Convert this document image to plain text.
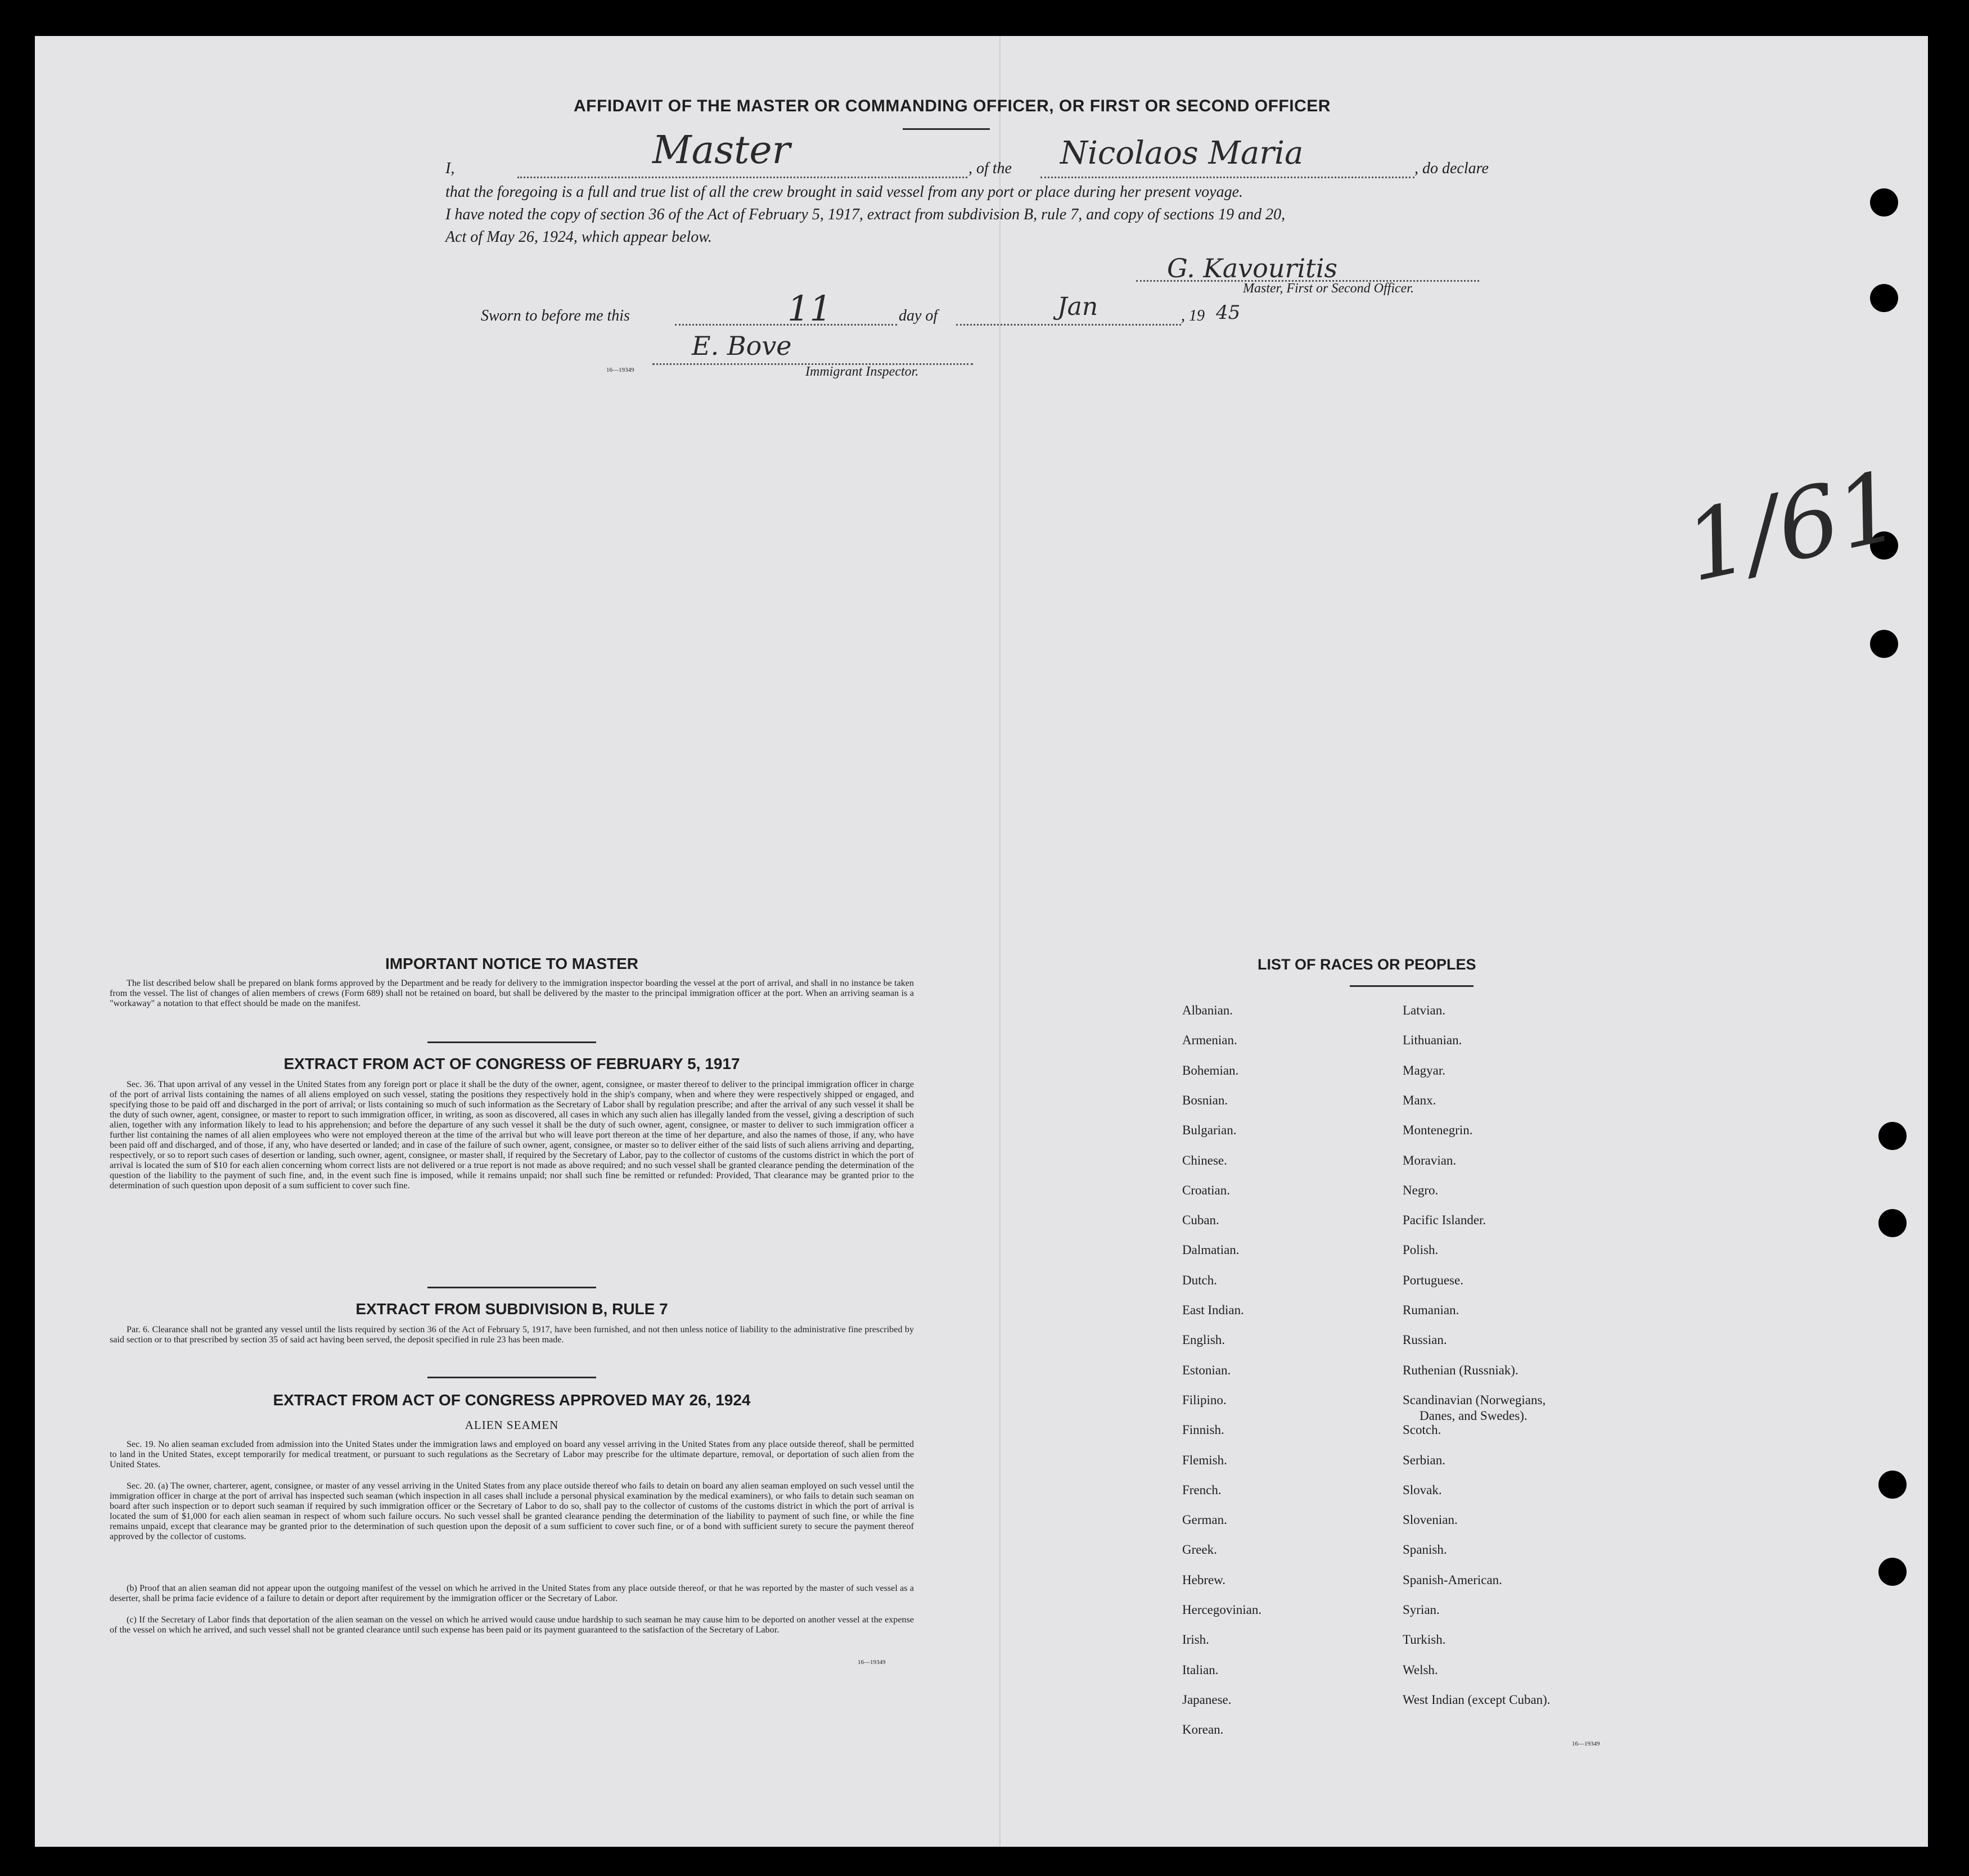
AFFIDAVIT OF THE MASTER OR COMMANDING OFFICER, OR FIRST OR SECOND OFFICER
I,	Master	, of the Nicolaos Maria	, do declare
that the foregoing is a full and true list of all the crew brought in said vessel from any port or place during her present voyage.
I have noted the copy of section 36 of the Act of February 5, 1917, extract from subdivision B, rule 7, and copy of sections 19 and 20,
Act of May 26, 1924, which appear below.
G. Kavouritis
Master, First or Second Officer.
Sworn to before me this	11	day of	Jan	, 19 45
E. Bove
16—19349	Immigrant Inspector.
1/61
IMPORTANT NOTICE TO MASTER
The list described below shall be prepared on blank forms approved by the Department and be ready for delivery to the immigration inspector boarding the vessel at the port of arrival, and shall in no instance be taken from the vessel. The list of changes of alien members of crews (Form 689) shall not be retained on board, but shall be delivered by the master to the principal immigration officer at the port. When an arriving seaman is a "workaway" a notation to that effect should be made on the manifest.
EXTRACT FROM ACT OF CONGRESS OF FEBRUARY 5, 1917
Sec. 36. That upon arrival of any vessel in the United States from any foreign port or place it shall be the duty of the owner, agent, consignee, or master thereof to deliver to the principal immigration officer in charge of the port of arrival lists containing the names of all aliens employed on such vessel, stating the positions they respectively hold in the ship's company, when and where they were respectively shipped or engaged, and specifying those to be paid off and discharged in the port of arrival; or lists containing so much of such information as the Secretary of Labor shall by regulation prescribe; and after the arrival of any such vessel it shall be the duty of such owner, agent, consignee, or master to report to such immigration officer, in writing, as soon as discovered, all cases in which any such alien has illegally landed from the vessel, giving a description of such alien, together with any information likely to lead to his apprehension; and before the departure of any such vessel it shall be the duty of such owner, agent, consignee, or master to deliver to such immigration officer a further list containing the names of all alien employees who were not employed thereon at the time of the arrival but who will leave port thereon at the time of her departure, and also the names of those, if any, who have been paid off and discharged, and of those, if any, who have deserted or landed; and in case of the failure of such owner, agent, consignee, or master so to deliver either of the said lists of such aliens arriving and departing, respectively, or so to report such cases of desertion or landing, such owner, agent, consignee, or master shall, if required by the Secretary of Labor, pay to the collector of customs of the customs district in which the port of arrival is located the sum of $10 for each alien concerning whom correct lists are not delivered or a true report is not made as above required; and no such vessel shall be granted clearance pending the determination of the question of the liability to the payment of such fine, and, in the event such fine is imposed, while it remains unpaid; nor shall such fine be remitted or refunded: Provided, That clearance may be granted prior to the determination of such question upon deposit of a sum sufficient to cover such fine.
EXTRACT FROM SUBDIVISION B, RULE 7
Par. 6. Clearance shall not be granted any vessel until the lists required by section 36 of the Act of February 5, 1917, have been furnished, and not then unless notice of liability to the administrative fine prescribed by said section or to that prescribed by section 35 of said act having been served, the deposit specified in rule 23 has been made.
EXTRACT FROM ACT OF CONGRESS APPROVED MAY 26, 1924
ALIEN SEAMEN
Sec. 19. No alien seaman excluded from admission into the United States under the immigration laws and employed on board any vessel arriving in the United States from any place outside thereof, shall be permitted to land in the United States, except temporarily for medical treatment, or pursuant to such regulations as the Secretary of Labor may prescribe for the ultimate departure, removal, or deportation of such alien from the United States.
Sec. 20. (a) The owner, charterer, agent, consignee, or master of any vessel arriving in the United States from any place outside thereof who fails to detain on board any alien seaman employed on such vessel until the immigration officer in charge at the port of arrival has inspected such seaman (which inspection in all cases shall include a personal physical examination by the medical examiners), or who fails to detain such seaman on board after such inspection or to deport such seaman if required by such immigration officer or the Secretary of Labor to do so, shall pay to the collector of customs of the customs district in which the port of arrival is located the sum of $1,000 for each alien seaman in respect of whom such failure occurs. No such vessel shall be granted clearance pending the determination of the liability to payment of such fine, or while the fine remains unpaid, except that clearance may be granted prior to the determination of such question upon the deposit of a sum sufficient to cover such fine, or of a bond with sufficient surety to secure the payment thereof approved by the collector of customs.
(b) Proof that an alien seaman did not appear upon the outgoing manifest of the vessel on which he arrived in the United States from any place outside thereof, or that he was reported by the master of such vessel as a deserter, shall be prima facie evidence of a failure to detain or deport after requirement by the immigration officer or the Secretary of Labor.
(c) If the Secretary of Labor finds that deportation of the alien seaman on the vessel on which he arrived would cause undue hardship to such seaman he may cause him to be deported on another vessel at the expense of the vessel on which he arrived, and such vessel shall not be granted clearance until such expense has been paid or its payment guaranteed to the satisfaction of the Secretary of Labor.
16—19349
LIST OF RACES OR PEOPLES
Albanian.
Armenian.
Bohemian.
Bosnian.
Bulgarian.
Chinese.
Croatian.
Cuban.
Dalmatian.
Dutch.
East Indian.
English.
Estonian.
Filipino.
Finnish.
Flemish.
French.
German.
Greek.
Hebrew.
Hercegovinian.
Irish.
Italian.
Japanese.
Korean.
Latvian.
Lithuanian.
Magyar.
Manx.
Montenegrin.
Moravian.
Negro.
Pacific Islander.
Polish.
Portuguese.
Rumanian.
Russian.
Ruthenian (Russniak).
Scandinavian (Norwegians,
Danes, and Swedes).
Scotch.
Serbian.
Slovak.
Slovenian.
Spanish.
Spanish-American.
Syrian.
Turkish.
Welsh.
West Indian (except Cuban).
16—19349
